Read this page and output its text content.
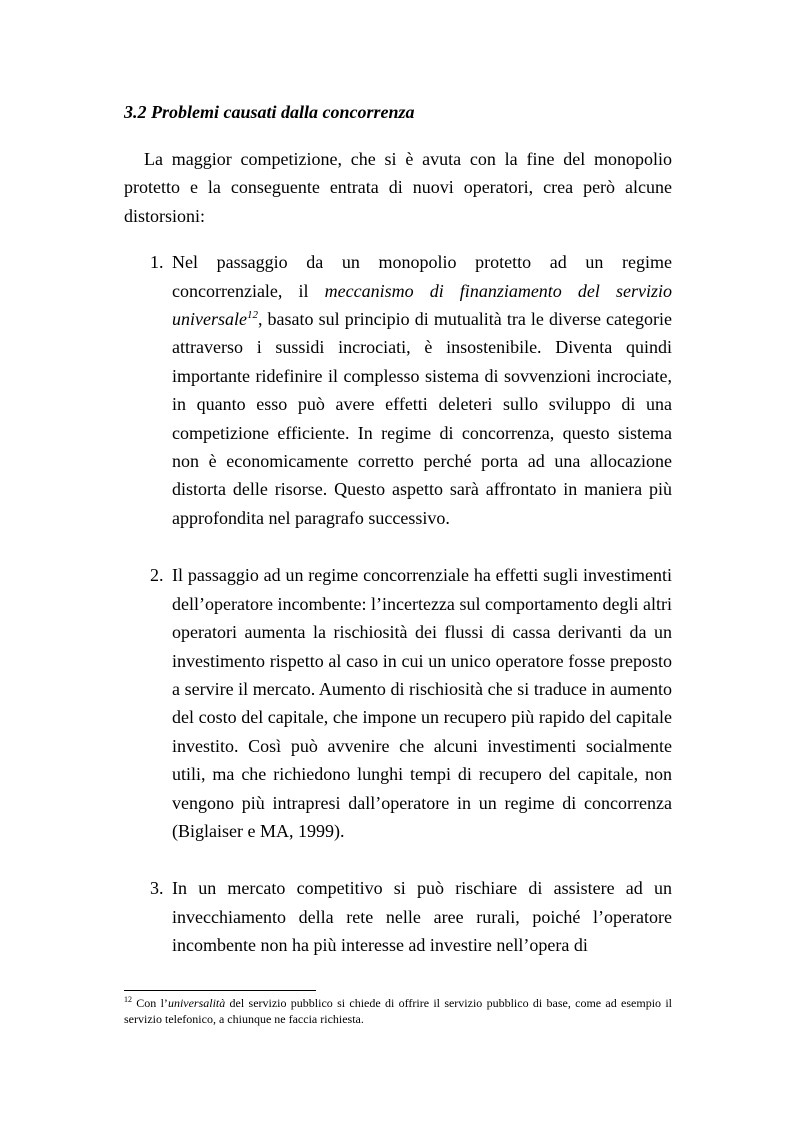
3.2 Problemi causati dalla concorrenza

La maggior competizione, che si è avuta con la fine del monopolio protetto e la conseguente entrata di nuovi operatori, crea però alcune distorsioni:

1. Nel passaggio da un monopolio protetto ad un regime concorrenziale, il meccanismo di finanziamento del servizio universale$^{12}$, basato sul principio di mutualità tra le diverse categorie attraverso i sussidi incrociati, è insostenibile. Diventa quindi importante ridefinire il complesso sistema di sovvenzioni incrociate, in quanto esso può avere effetti deleteri sullo sviluppo di una competizione efficiente. In regime di concorrenza, questo sistema non è economicamente corretto perché porta ad una allocazione distorta delle risorse. Questo aspetto sarà affrontato in maniera più approfondita nel paragrafo successivo.

2. Il passaggio ad un regime concorrenziale ha effetti sugli investimenti dell’operatore incombente: l’incertezza sul comportamento degli altri operatori aumenta la rischiosità dei flussi di cassa derivanti da un investimento rispetto al caso in cui un unico operatore fosse preposto a servire il mercato. Aumento di rischiosità che si traduce in aumento del costo del capitale, che impone un recupero più rapido del capitale investito. Così può avvenire che alcuni investimenti socialmente utili, ma che richiedono lunghi tempi di recupero del capitale, non vengono più intrapresi dall’operatore in un regime di concorrenza (Biglaiser e MA, 1999).

3. In un mercato competitivo si può rischiare di assistere ad un invecchiamento della rete nelle aree rurali, poiché l’operatore incombente non ha più interesse ad investire nell’opera di

$^{12}$ Con l’universalità del servizio pubblico si chiede di offrire il servizio pubblico di base, come ad esempio il servizio telefonico, a chiunque ne faccia richiesta.
